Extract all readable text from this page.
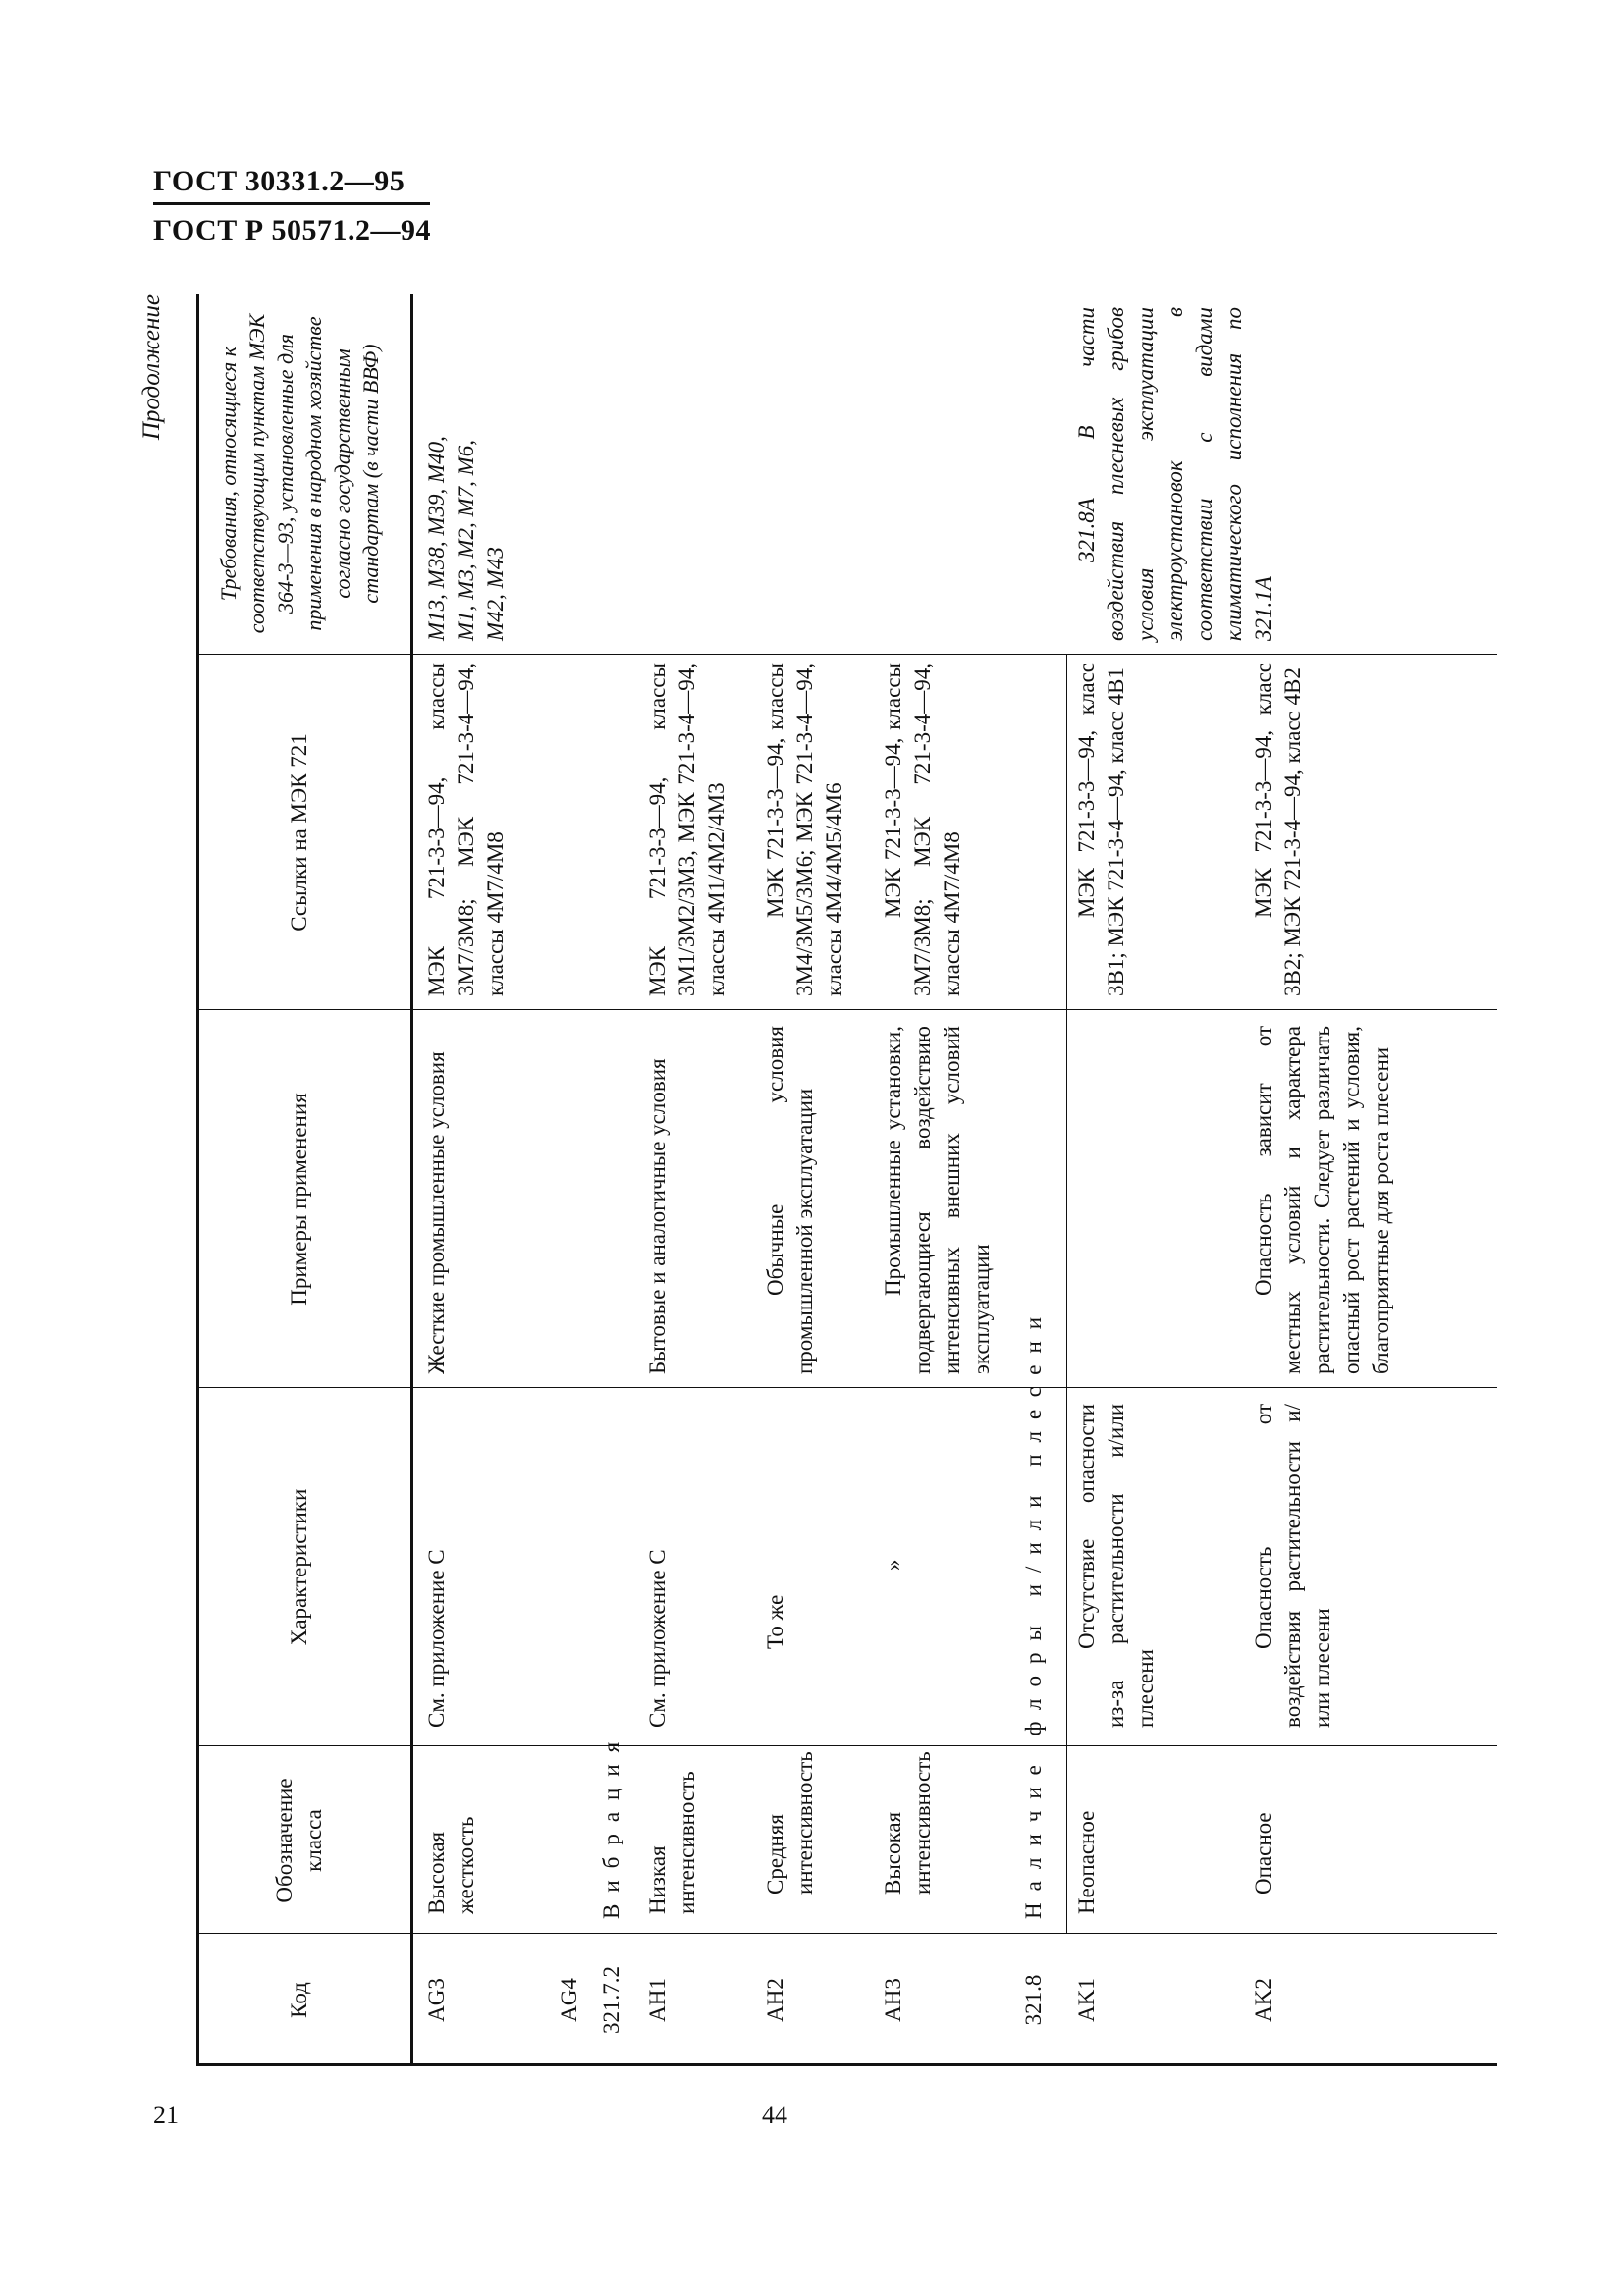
ГОСТ 30331.2—95
ГОСТ Р 50571.2—94
Продолжение
Код
Обозначение класса
Характеристики
Примеры применения
Ссылки на МЭК 721
Требования, относящиеся к соответствующим пунктам МЭК 364-3—93, установленные для применения в народном хозяйстве согласно государственным стандартам (в части ВВФ)
AG3
Высокая жесткость
См. приложение С
Жесткие промышленные условия
МЭК 721-3-3—94, классы 3М7/3М8; МЭК 721-3-4—94, классы 4М7/4М8
М13, М38, М39, М40, М1, М3, М2, М7, М6, М42, М43
AG4 321.7.2
Вибрация
AH1
Низкая интенсивность
См. приложение С
Бытовые и аналогичные условия
МЭК 721-3-3—94, классы 3М1/3М2/3М3, МЭК 721-3-4—94, классы 4М1/4М2/4М3
AH2
Средняя интенсивность
То же
Обычные условия промышленной эксплуатации
МЭК 721-3-3—94, классы 3М4/3М5/3М6; МЭК 721-3-4—94, классы 4М4/4М5/4М6
AH3
Высокая интенсивность
»
Промышленные установки, подвергающиеся воздействию интенсивных внешних условий эксплуатации
МЭК 721-3-3—94, классы 3М7/3М8; МЭК 721-3-4—94, классы 4М7/4М8
321.8
Наличие флоры и/или плесени
AK1
Неопасное
Отсутствие опасности из-за растительности и/или плесени
МЭК 721-3-3—94, класс 3В1; МЭК 721-3-4—94, класс 4В1
321.8А В части воздействия плесневых грибов условия эксплуатации электроустановок в соответствии с видами климатического исполнения по 321.1А
AK2
Опасное
Опасность от воздействия растительности и/или плесени
Опасность зависит от местных условий и характера растительности. Следует различать опасный рост растений и условия, благоприятные для роста плесени
МЭК 721-3-3—94, класс 3В2; МЭК 721-3-4—94, класс 4В2
21	44
